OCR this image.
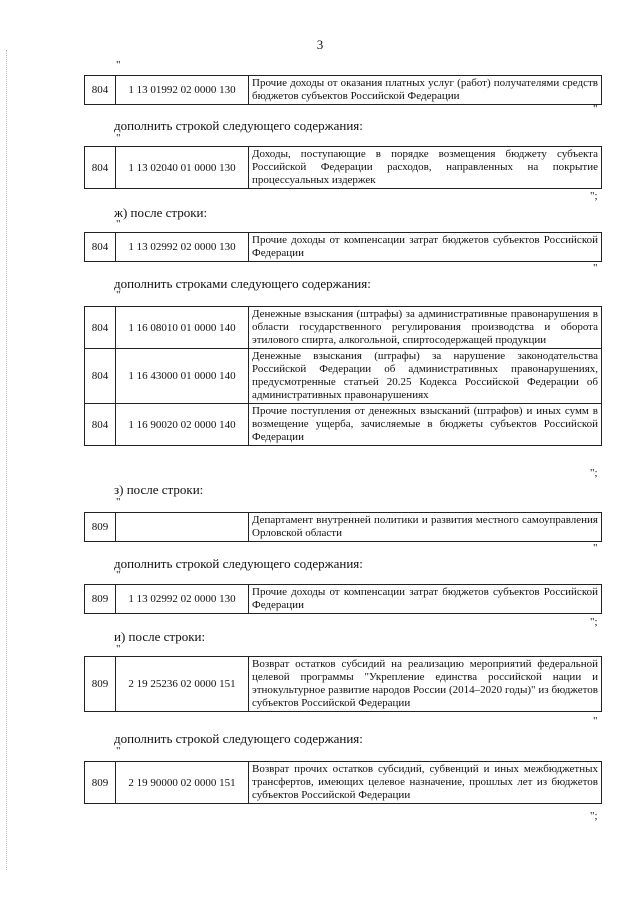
3
"
804	1 13 01992 02 0000 130	Прочие доходы от оказания платных услуг (работ) получателями средств бюджетов субъектов Российской Федерации
"
дополнить строкой следующего содержания:
"
804	1 13 02040 01 0000 130	Доходы, поступающие в порядке возмещения бюджету субъекта Российской Федерации расходов, направленных на покрытие процессуальных издержек
";
ж) после строки:
"
804	1 13 02992 02 0000 130	Прочие доходы от компенсации затрат бюджетов субъектов Российской Федерации
"
дополнить строками следующего содержания:
"
804	1 16 08010 01 0000 140	Денежные взыскания (штрафы) за административные правонарушения в области государственного регулирования производства и оборота этилового спирта, алкогольной, спиртосодержащей продукции
804	1 16 43000 01 0000 140	Денежные взыскания (штрафы) за нарушение законодательства Российской Федерации об административных правонарушениях, предусмотренные статьей 20.25 Кодекса Российской Федерации об административных правонарушениях
804	1 16 90020 02 0000 140	Прочие поступления от денежных взысканий (штрафов) и иных сумм в возмещение ущерба, зачисляемые в бюджеты субъектов Российской Федерации
";
з) после строки:
"
809		Департамент внутренней политики и развития местного самоуправления Орловской области
"
дополнить строкой следующего содержания:
"
809	1 13 02992 02 0000 130	Прочие доходы от компенсации затрат бюджетов субъектов Российской Федерации
";
и) после строки:
"
809	2 19 25236 02 0000 151	Возврат остатков субсидий на реализацию мероприятий федеральной целевой программы "Укрепление единства российской нации и этнокультурное развитие народов России (2014–2020 годы)" из бюджетов субъектов Российской Федерации
"
дополнить строкой следующего содержания:
"
809	2 19 90000 02 0000 151	Возврат прочих остатков субсидий, субвенций и иных межбюджетных трансфертов, имеющих целевое назначение, прошлых лет из бюджетов субъектов Российской Федерации
";
